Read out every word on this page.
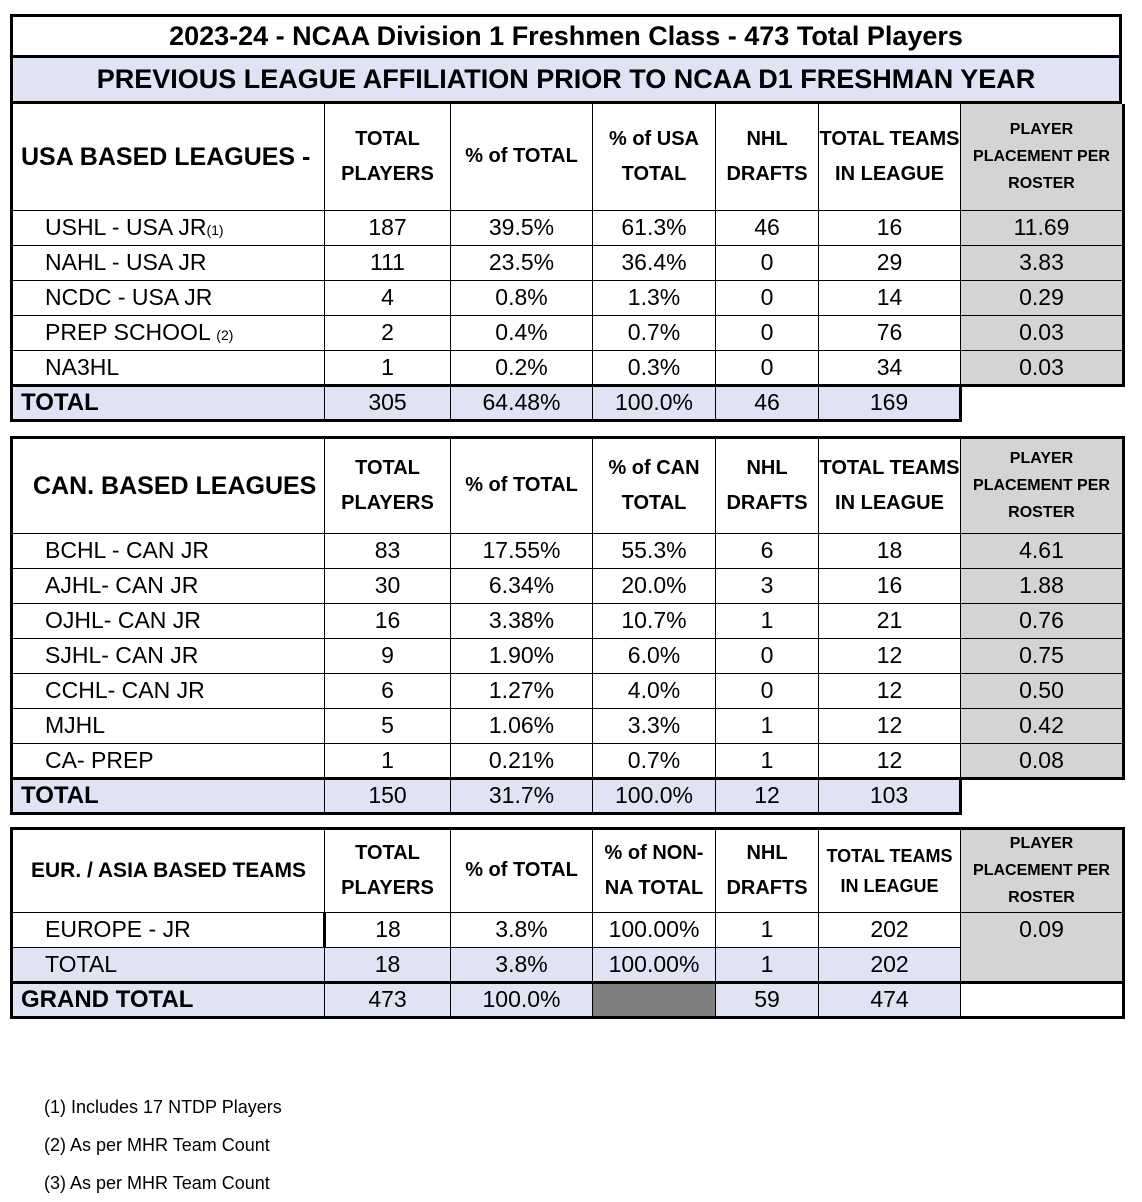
2023-24 - NCAA Division 1 Freshmen Class - 473 Total Players
PREVIOUS LEAGUE AFFILIATION PRIOR TO NCAA D1 FRESHMAN YEAR
USA BASED LEAGUES -	TOTAL PLAYERS	% of TOTAL	% of USA TOTAL	NHL DRAFTS	TOTAL TEAMS IN LEAGUE	PLAYER PLACEMENT PER ROSTER
USHL - USA JR(1)	187	39.5%	61.3%	46	16	11.69
NAHL - USA JR	111	23.5%	36.4%	0	29	3.83
NCDC - USA JR	4	0.8%	1.3%	0	14	0.29
PREP SCHOOL (2)	2	0.4%	0.7%	0	76	0.03
NA3HL	1	0.2%	0.3%	0	34	0.03
TOTAL	305	64.48%	100.0%	46	169	
CAN. BASED LEAGUES	TOTAL PLAYERS	% of TOTAL	% of CAN TOTAL	NHL DRAFTS	TOTAL TEAMS IN LEAGUE	PLAYER PLACEMENT PER ROSTER
BCHL - CAN JR	83	17.55%	55.3%	6	18	4.61
AJHL- CAN JR	30	6.34%	20.0%	3	16	1.88
OJHL- CAN JR	16	3.38%	10.7%	1	21	0.76
SJHL- CAN JR	9	1.90%	6.0%	0	12	0.75
CCHL- CAN JR	6	1.27%	4.0%	0	12	0.50
MJHL	5	1.06%	3.3%	1	12	0.42
CA- PREP	1	0.21%	0.7%	1	12	0.08
TOTAL	150	31.7%	100.0%	12	103	
EUR. / ASIA BASED TEAMS	TOTAL PLAYERS	% of TOTAL	% of NON-NA TOTAL	NHL DRAFTS	TOTAL TEAMS IN LEAGUE	PLAYER PLACEMENT PER ROSTER
EUROPE - JR	18	3.8%	100.00%	1	202	0.09
TOTAL	18	3.8%	100.00%	1	202	
GRAND TOTAL	473	100.0%		59	474	
(1) Includes 17 NTDP Players
(2) As per MHR Team Count
(3) As per MHR Team Count
